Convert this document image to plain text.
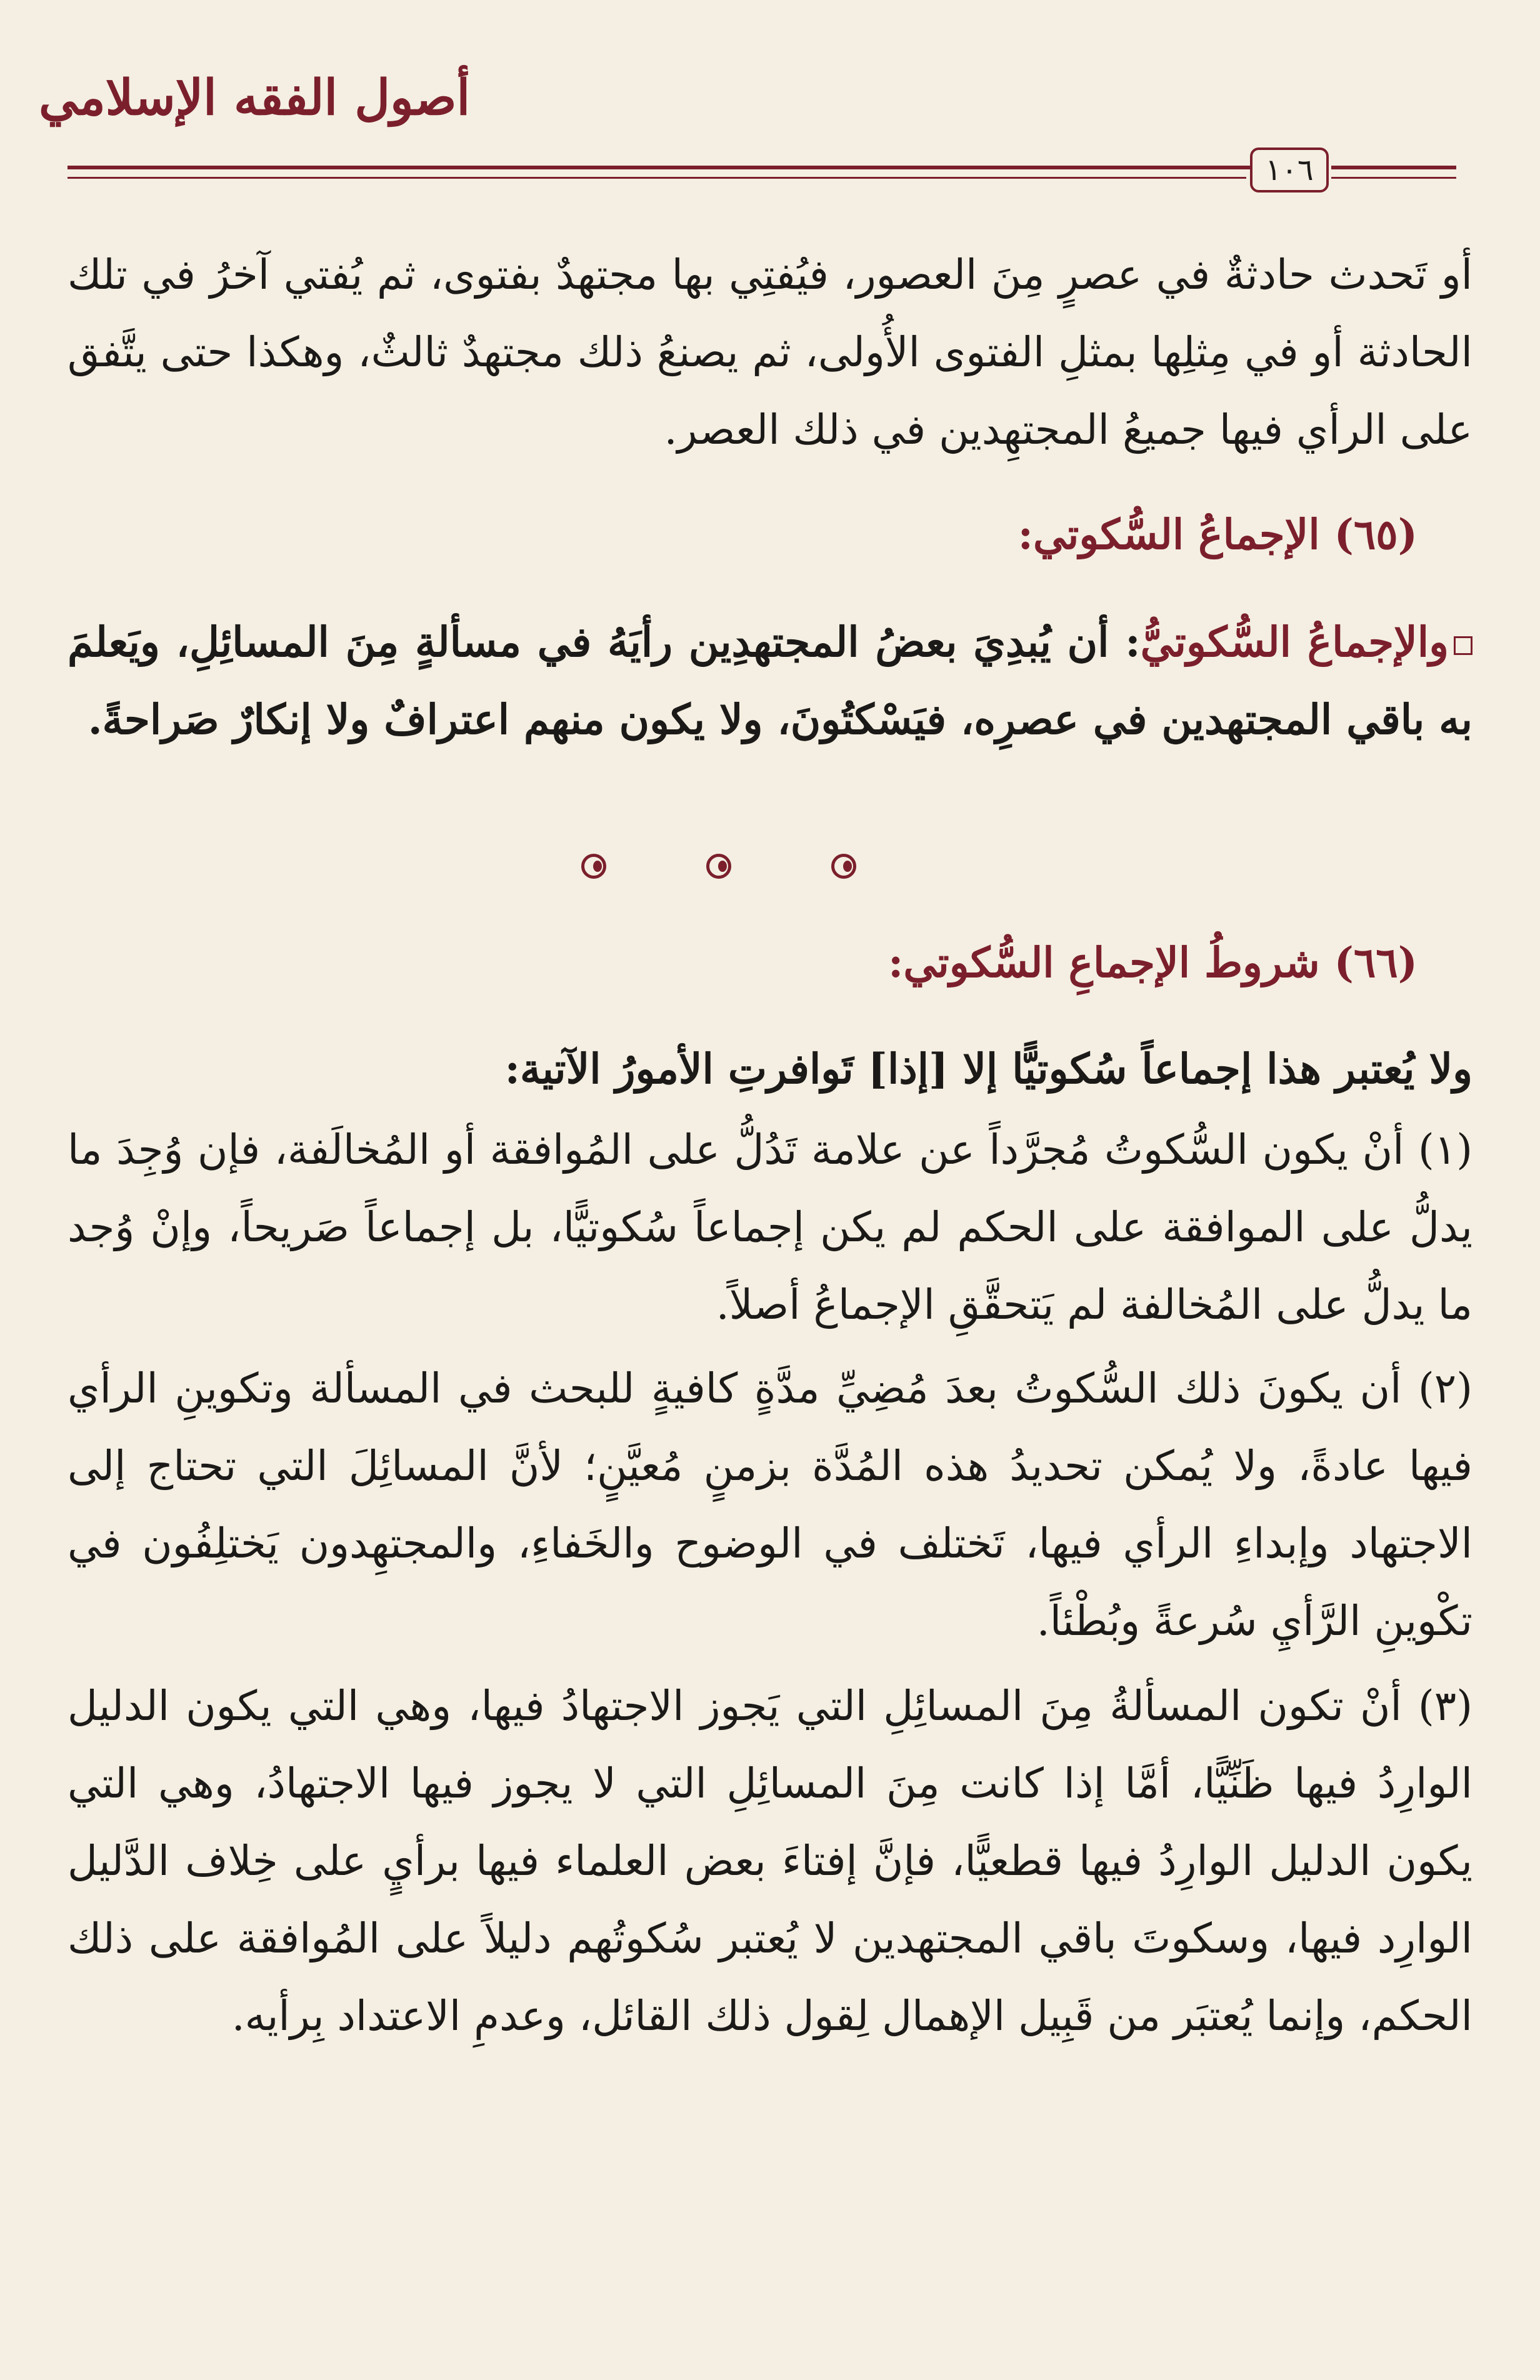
أصول الفقه الإسلامي
١٠٦
أو تَحدث حادثةٌ في عصرٍ مِنَ العصور، فيُفتِي بها مجتهدٌ بفتوى، ثم يُفتي آخرُ في تلك الحادثة أو في مِثلِها بمثلِ الفتوى الأُولى، ثم يصنعُ ذلك مجتهدٌ ثالثٌ، وهكذا حتى يتَّفق على الرأي فيها جميعُ المجتهِدين في ذلك العصر.
(٦٥) الإجماعُ السُّكوتي:
والإجماعُ السُّكوتيُّ: أن يُبدِيَ بعضُ المجتهدِين رأيَهُ في مسألةٍ مِنَ المسائِلِ، ويَعلمَ به باقي المجتهدين في عصرِه، فيَسْكتُونَ، ولا يكون منهم اعترافٌ ولا إنكارٌ صَراحةً.
(٦٦) شروطُ الإجماعِ السُّكوتي:
ولا يُعتبر هذا إجماعاً سُكوتيًّا إلا [إذا] تَوافرتِ الأمورُ الآتية:
(١) أنْ يكون السُّكوتُ مُجرَّداً عن علامة تَدُلُّ على المُوافقة أو المُخالَفة، فإن وُجِدَ ما يدلُّ على الموافقة على الحكم لم يكن إجماعاً سُكوتيًّا، بل إجماعاً صَريحاً، وإنْ وُجد ما يدلُّ على المُخالفة لم يَتحقَّقِ الإجماعُ أصلاً.
(٢) أن يكونَ ذلك السُّكوتُ بعدَ مُضِيِّ مدَّةٍ كافيةٍ للبحث في المسألة وتكوينِ الرأي فيها عادةً، ولا يُمكن تحديدُ هذه المُدَّة بزمنٍ مُعيَّنٍ؛ لأنَّ المسائِلَ التي تحتاج إلى الاجتهاد وإبداءِ الرأي فيها، تَختلف في الوضوح والخَفاءِ، والمجتهِدون يَختلِفُون في تكْوينِ الرَّأيِ سُرعةً وبُطْئاً.
(٣) أنْ تكون المسألةُ مِنَ المسائِلِ التي يَجوز الاجتهادُ فيها، وهي التي يكون الدليل الوارِدُ فيها ظَنِّيًّا، أمَّا إذا كانت مِنَ المسائِلِ التي لا يجوز فيها الاجتهادُ، وهي التي يكون الدليل الوارِدُ فيها قطعيًّا، فإنَّ إفتاءَ بعض العلماء فيها برأيٍ على خِلاف الدَّليل الوارِد فيها، وسكوتَ باقي المجتهدين لا يُعتبر سُكوتُهم دليلاً على المُوافقة على ذلك الحكم، وإنما يُعتبَر من قَبِيل الإهمال لِقول ذلك القائل، وعدمِ الاعتداد بِرأيه.
